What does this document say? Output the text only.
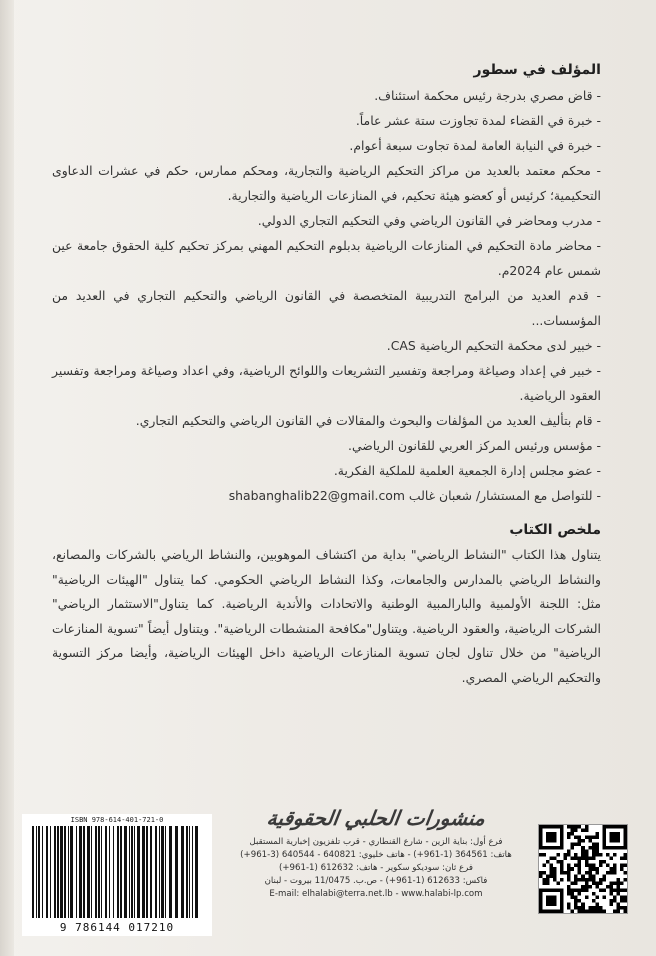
المؤلف في سطور
- قاض مصري بدرجة رئيس محكمة استئناف.
- خبرة في القضاء لمدة تجاوزت ستة عشر عاماً.
- خبرة في النيابة العامة لمدة تجاوت سبعة أعوام.
- محكم معتمد بالعديد من مراكز التحكيم الرياضية والتجارية، ومحكم ممارس، حكم في عشرات الدعاوى التحكيمية؛ كرئيس أو كعضو هيئة تحكيم، في المنازعات الرياضية والتجارية.
- مدرب ومحاضر في القانون الرياضي وفي التحكيم التجاري الدولي.
- محاضر مادة التحكيم في المنازعات الرياضية بدبلوم التحكيم المهني بمركز تحكيم كلية الحقوق جامعة عين شمس عام 2024م.
- قدم العديد من البرامج التدريبية المتخصصة في القانون الرياضي والتحكيم التجاري في العديد من المؤسسات...
- خبير لدى محكمة التحكيم الرياضية CAS.
- خبير في إعداد وصياغة ومراجعة وتفسير التشريعات واللوائح الرياضية، وفي اعداد وصياغة ومراجعة وتفسير العقود الرياضية.
- قام بتأليف العديد من المؤلفات والبحوث والمقالات في القانون الرياضي والتحكيم التجاري.
- مؤسس ورئيس المركز العربي للقانون الرياضي.
- عضو مجلس إدارة الجمعية العلمية للملكية الفكرية.
- للتواصل مع المستشار/ شعبان غالب shabanghalib22@gmail.com
ملخص الكتاب

يتناول هذا الكتاب "النشاط الرياضي" بداية من اكتشاف الموهوبين، والنشاط الرياضي بالشركات والمصانع، والنشاط الرياضي بالمدارس والجامعات، وكذا النشاط الرياضي الحكومي. كما يتناول "الهيئات الرياضية" مثل: اللجنة الأولمبية والبارالمبية الوطنية والاتحادات والأندية الرياضية. كما يتناول"الاستثمار الرياضي" الشركات الرياضية، والعقود الرياضية. ويتناول"مكافحة المنشطات الرياضية". ويتناول أيضاً "تسوية المنازعات الرياضية" من خلال تناول لجان تسوية المنازعات الرياضية داخل الهيئات الرياضية، وأيضا مركز التسوية والتحكيم الرياضي المصري.

ISBN 978-614-401-721-0
9 786144 017210
منشورات الحلبي الحقوقية
فرع أول: بناية الزين - شارع القنطاري - قرب تلفزيون إخبارية المستقبل
هاتف: 364561 (1-961+) - هاتف خليوي: 640821 - 640544 (3-961+)
فرع ثان: سوديكو سكوير - هاتف: 612632 (1-961+)
فاكس: 612633 (1-961+) - ص.ب. 11/0475 بيروت - لبنان
E-mail: elhalabi@terra.net.lb - www.halabi-lp.com
